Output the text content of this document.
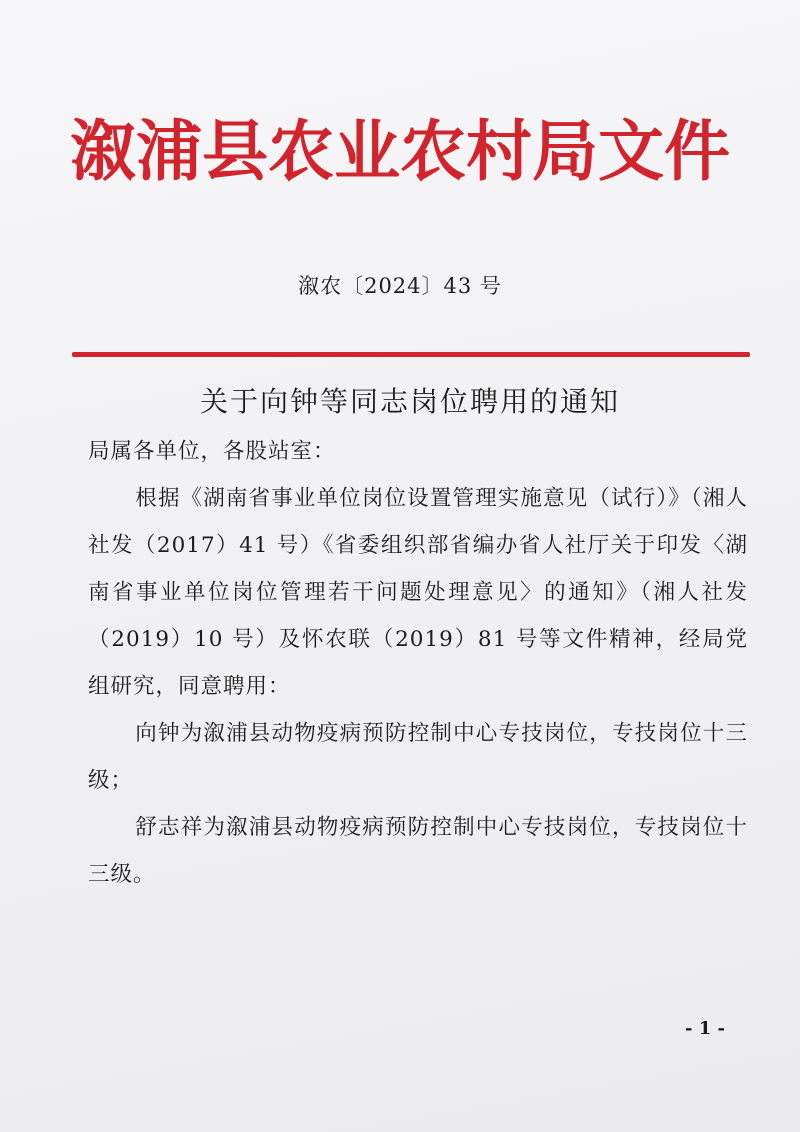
溆浦县农业农村局文件
溆农〔2024〕43 号
关于向钟等同志岗位聘用的通知

局属各单位，各股站室：

根据《湖南省事业单位岗位设置管理实施意见（试行）》（湘人社发（2017）41 号）《省委组织部省编办省人社厅关于印发〈湖南省事业单位岗位管理若干问题处理意见〉的通知》（湘人社发（2019）10 号）及怀农联（2019）81 号等文件精神，经局党组研究，同意聘用：

向钟为溆浦县动物疫病预防控制中心专技岗位，专技岗位十三级；

舒志祥为溆浦县动物疫病预防控制中心专技岗位，专技岗位十三级。

- 1 -
